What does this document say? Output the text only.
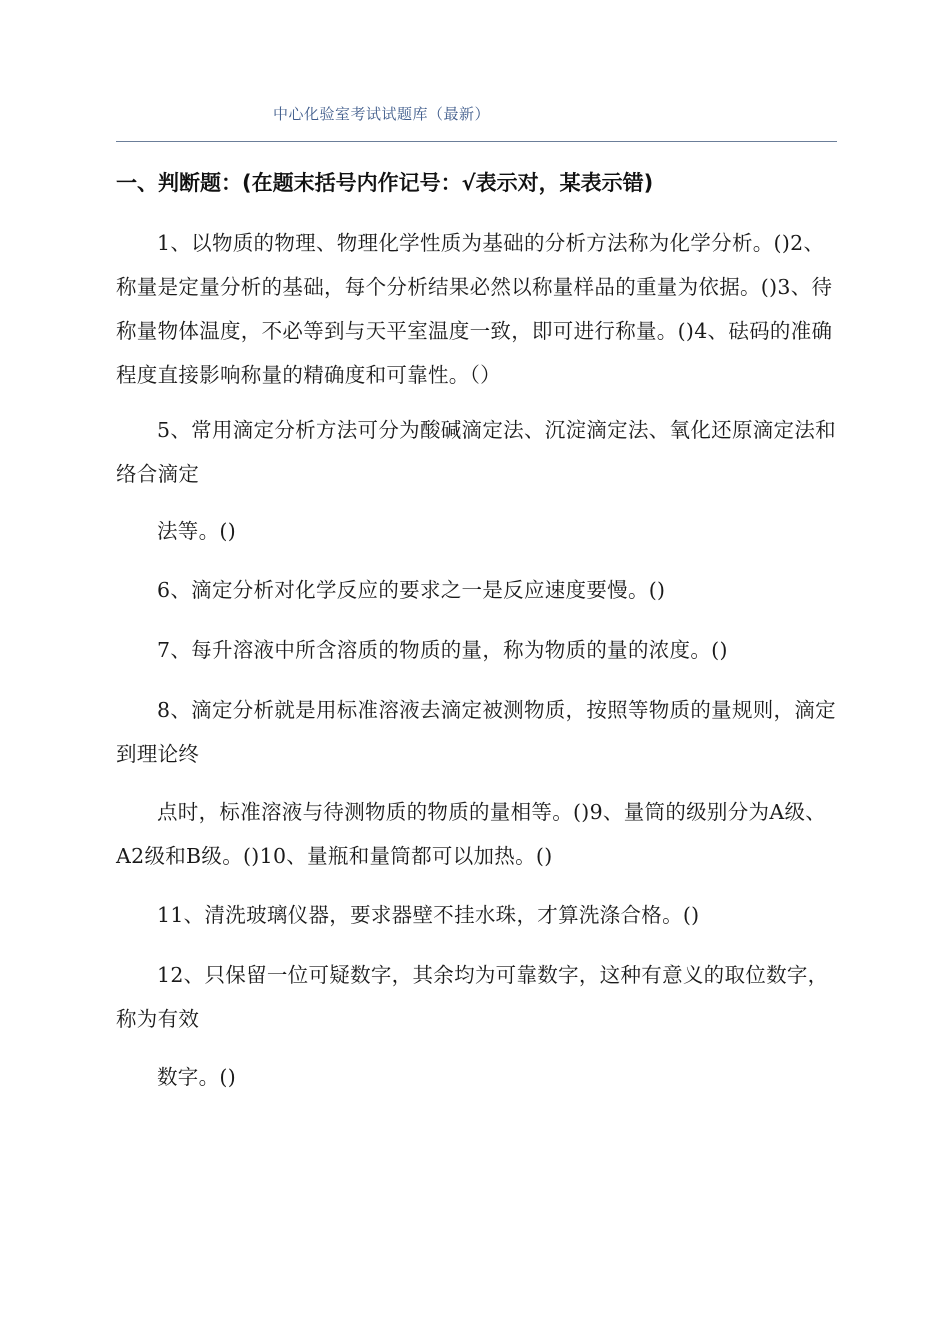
中心化验室考试试题库（最新）
一、判断题：(在题末括号内作记号：√表示对，某表示错)

1、以物质的物理、物理化学性质为基础的分析方法称为化学分析。()2、称量是定量分析的基础，每个分析结果必然以称量样品的重量为依据。()3、待称量物体温度，不必等到与天平室温度一致，即可进行称量。()4、砝码的准确程度直接影响称量的精确度和可靠性。（）

5、常用滴定分析方法可分为酸碱滴定法、沉淀滴定法、氧化还原滴定法和络合滴定

法等。()

6、滴定分析对化学反应的要求之一是反应速度要慢。()

7、每升溶液中所含溶质的物质的量，称为物质的量的浓度。()

8、滴定分析就是用标准溶液去滴定被测物质，按照等物质的量规则，滴定到理论终

点时，标准溶液与待测物质的物质的量相等。()9、量筒的级别分为A级、A2级和B级。()10、量瓶和量筒都可以加热。()

11、清洗玻璃仪器，要求器壁不挂水珠，才算洗涤合格。()

12、只保留一位可疑数字，其余均为可靠数字，这种有意义的取位数字，称为有效

数字。()
